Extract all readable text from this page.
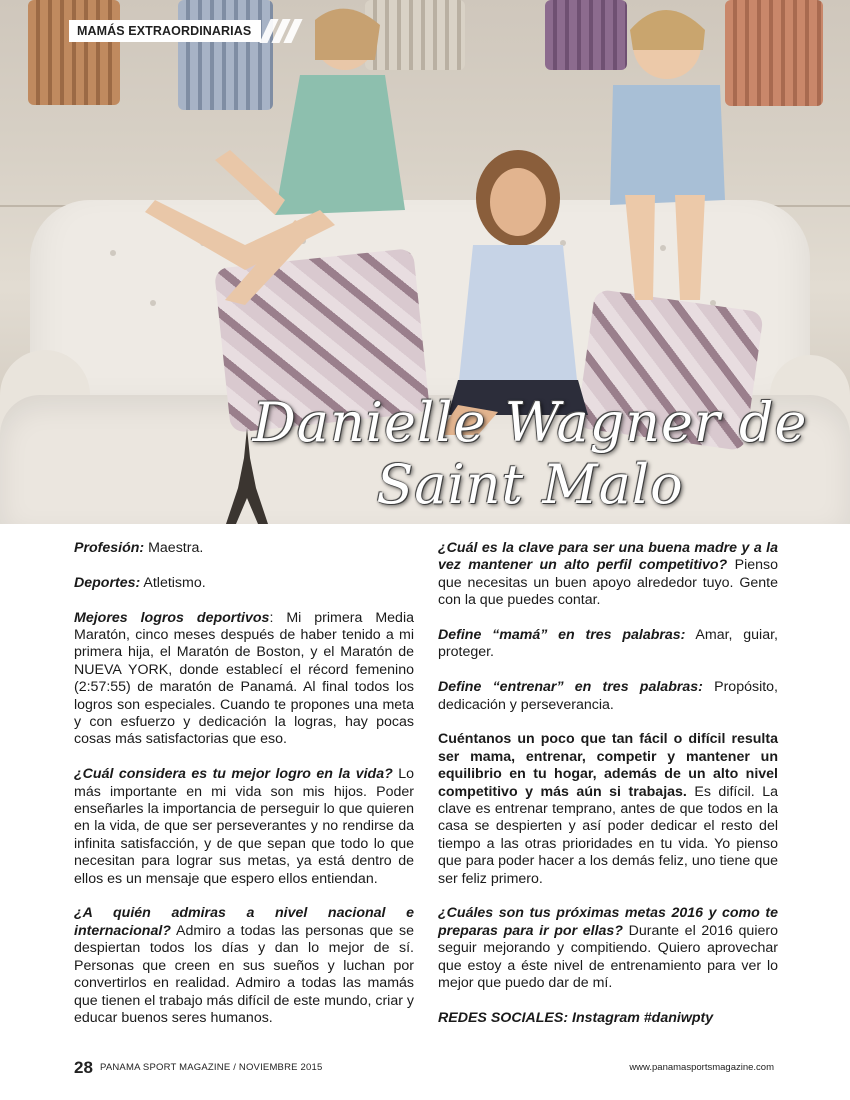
MAMÁS EXTRAORDINARIAS
Danielle Wagner de
Saint Malo

Profesión: Maestra.

Deportes: Atletismo.

Mejores logros deportivos: Mi primera Media Maratón, cinco meses después de haber tenido a mi primera hija, el Maratón de Boston, y el Maratón de NUEVA YORK, donde establecí el récord femenino (2:57:55) de maratón de Panamá. Al final todos los logros son especiales. Cuando te propones una meta y con esfuerzo y dedicación la logras, hay pocas cosas más satisfactorias que eso.

¿Cuál considera es tu mejor logro en la vida? Lo más importante en mi vida son mis hijos. Poder enseñarles la importancia de perseguir lo que quieren en la vida, de que ser perseverantes y no rendirse da infinita satisfacción, y de que sepan que todo lo que necesitan para lograr sus metas, ya está dentro de ellos es un mensaje que espero ellos entiendan.

¿A quién admiras a nivel nacional e internacional? Admiro a todas las personas que se despiertan todos los días y dan lo mejor de sí. Personas que creen en sus sueños y luchan por convertirlos en realidad. Admiro a todas las mamás que tienen el trabajo más difícil de este mundo, criar y educar buenos seres humanos.

¿Cuál es la clave para ser una buena madre y a la vez mantener un alto perfil competitivo? Pienso que necesitas un buen apoyo alrededor tuyo. Gente con la que puedes contar.

Define “mamá” en tres palabras: Amar, guiar, proteger.

Define “entrenar” en tres palabras: Propósito, dedicación y perseverancia.

Cuéntanos un poco que tan fácil o difícil resulta ser mama, entrenar, competir y mantener un equilibrio en tu hogar, además de un alto nivel competitivo y más aún si trabajas. Es difícil. La clave es entrenar temprano, antes de que todos en la casa se despierten y así poder dedicar el resto del tiempo a las otras prioridades en tu vida. Yo pienso que para poder hacer a los demás feliz, uno tiene que ser feliz primero.

¿Cuáles son tus próximas metas 2016 y como te preparas para ir por ellas? Durante el 2016 quiero seguir mejorando y compitiendo. Quiero aprovechar que estoy a éste nivel de entrenamiento para ver lo mejor que puedo dar de mí.

REDES SOCIALES: Instagram #daniwpty

28 PANAMA SPORT MAGAZINE / NOVIEMBRE 2015	www.panamasportsmagazine.com
